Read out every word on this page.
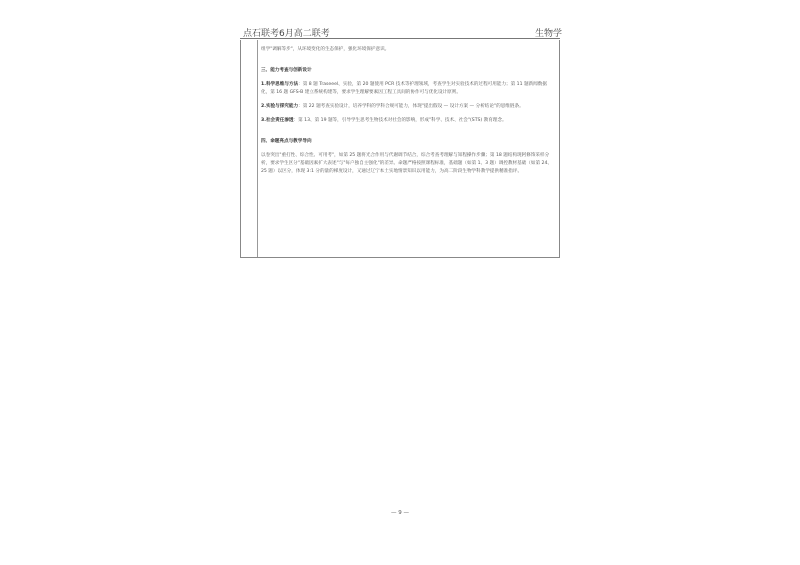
点石联考6月高二联考	生物学

组学"调解等步"，从环境变化的生态保护，强化环境保护意识。

三、能力考查与创新设计

1.科学思维与方法：第 8 题 Traseeel、实验，第 20 题使用 PCR 技术等护理领域，考查学生对实验技术的过程可用能力；第 11 题新闻数据化，第 16 题 GFS-B 建立系统构建等，要求学生理解要素因工程工具间的协作可与优化设计原则。

2.实验与探究能力：第 22 题考查实验设计，培养学科的学科合规可能力，体现"提出假设 — 设计方案 — 分析结论"的思维链条。

3.社会责任渗透：第 13、第 19 题等，引导学生思考生物技术对社会的影响，形成"科学、技术、社会"(STS) 教育理念。

四、命题亮点与教学导向

以卷突出"重打性、综合性、可用考"，如第 25 题将光合作用与代谢调节结合，综合考查考理解与知程操作步骤；第 18 题结构现阿修饰采样分析，要求学生区分"基础因素扩大表述"与"每户独自主强化"的差异。命题严格按照课程标准，基础题（如第 1、3 题）调控教材基础（如第 24、25 题）以区分，体现 3:1 分的量的梯度设计，又通过辽宁本土实地情景知识以用能力，为高二阶段生物学科教学提供精准指评。

— 9 —
